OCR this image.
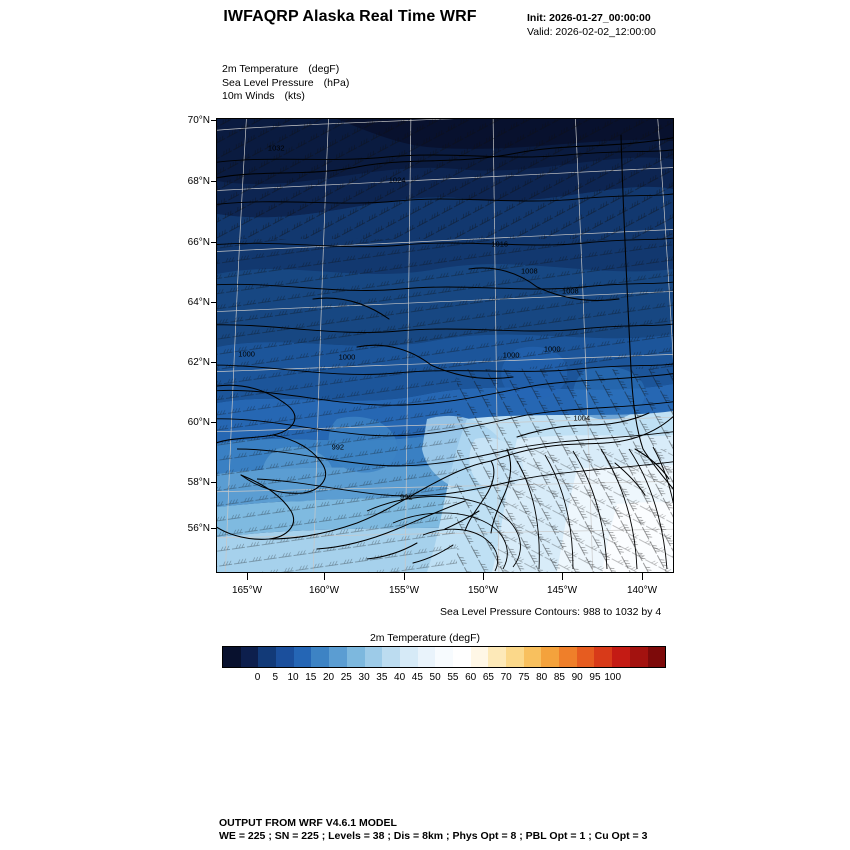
IWFAQRP Alaska Real Time WRF	Init: 2026-01-27_00:00:00
Valid: 2026-02-02_12:00:00
2m Temperature (degF)
Sea Level Pressure (hPa)
10m Winds (kts)
70°N
68°N
66°N
64°N
62°N
60°N
58°N
56°N
1032
1024
1016
1008
1008
1000	1000	1000
1000
1004
992
992
165°W	160°W	155°W	150°W	145°W	140°W
Sea Level Pressure Contours: 988 to 1032 by 4
2m Temperature (degF)
0 5 10 15 20 25 30 35 40 45 50 55 60 65 70 75 80 85 90 95 100
OUTPUT FROM WRF V4.6.1 MODEL
WE = 225 ; SN = 225 ; Levels = 38 ; Dis = 8km ; Phys Opt = 8 ; PBL Opt = 1 ; Cu Opt = 3
